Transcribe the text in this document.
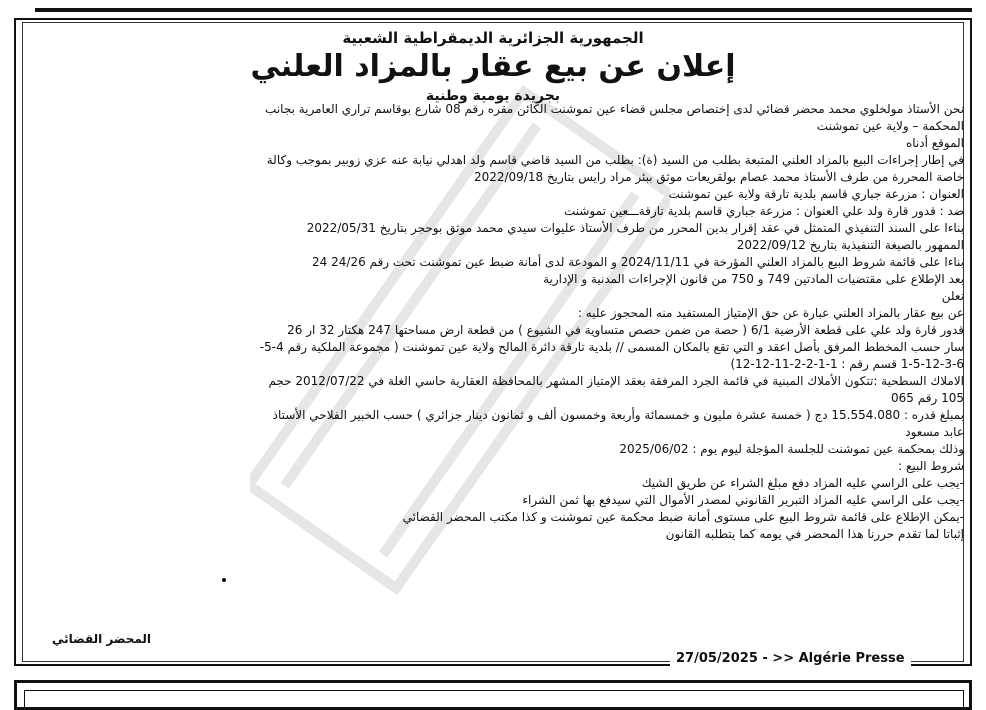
الجمهورية الجزائرية الديمقراطية الشعبية
إعلان عن بيع عقار بالمزاد العلني
بجريدة يومية وطنية
نحن الأستاذ مولخلوي محمد محضر قضائي لدى إختصاص مجلس قضاء عين تموشنت الكائن مقره رقم 08 شارع بوقاسم تراري العامرية بجانب
المحكمة – ولاية عين تموشنت
الموقع أدناه
في إطار إجراءات البيع بالمزاد العلني المتبعة بطلب من السيد (ة): بطلب من السيد قاضي قاسم ولد اهدلي نيابة عنه عزي زوبير بموجب وكالة
خاصة المحررة من طرف الأستاذ محمد عصام بولقريعات موثق ببئر مراد رايس بتاريخ 2022/09/18
العنوان : مزرعة جباري قاسم بلدية تارقة ولاية عين تموشنت
ضد : قدور قارة ولد علي العنوان : مزرعة جباري قاسم بلدية تارقةـــعين تموشنت
بناءا على السند التنفيذي المتمثل في عقد إقرار بدين المحرر من طرف الأستاذ عليوات سيدي محمد موثق بوحجر بتاريخ 2022/05/31
الممهور بالصيغة التنفيذية بتاريخ 2022/09/12
بناءا على قائمة شروط البيع بالمزاد العلني المؤرخة في 2024/11/11 و المودعة لدى أمانة ضبط عين تموشنت تحت رقم 24/26 24
بعد الإطلاع على مقتضيات المادتين 749 و 750 من قانون الإجراءات المدنية و الإدارية
نعلن
عن بيع عقار بالمزاد العلني عبارة عن حق الإمتياز المستفيد منه المحجوز عليه :
قدور قارة ولد علي على قطعة الأرضية 6/1 ( حصة من ضمن حصص متساوية في الشيوع ) من قطعة ارض مساحتها 247 هكتار 32 ار 26
سار حسب المخطط المرفق بأصل اعقد و التي تقع بالمكان المسمى // بلدية تارقة دائرة المالح ولاية عين تموشنت ( مجموعة الملكية رقم 4-5-
1-5-12-3-6 قسم رقم : 1-1-2-2-11-12-12)
الاملاك السطحية :تتكون الأملاك المبنية في قائمة الجرد المرفقة بعقد الإمتياز المشهر بالمحافظة العقارية حاسي الغلة في 2012/07/22 حجم
105 رقم 065
بمبلغ قدره : 15.554.080 دج ( خمسة عشرة مليون و خمسمائة وأربعة وخمسون ألف و ثمانون دينار جزائري ) حسب الخبير الفلاحي الأستاذ
عابد مسعود
وذلك بمحكمة عين تموشنت للجلسة المؤجلة ليوم يوم : 2025/06/02
شروط البيع :
-يجب على الراسي عليه المزاد دفع مبلغ الشراء عن طريق الشيك
-يجب على الراسي عليه المزاد التبرير القانوني لمصدر الأموال التي سيدفع بها ثمن الشراء
-يمكن الإطلاع على قائمة شروط البيع على مستوى أمانة ضبط محكمة عين تموشنت و كذا مكتب المحضر القضائي
إثباتا لما تقدم حررنا هذا المحضر في يومه كما يتطلبه القانون
المحضر القضائي
27/05/2025 - >> Algérie Presse
